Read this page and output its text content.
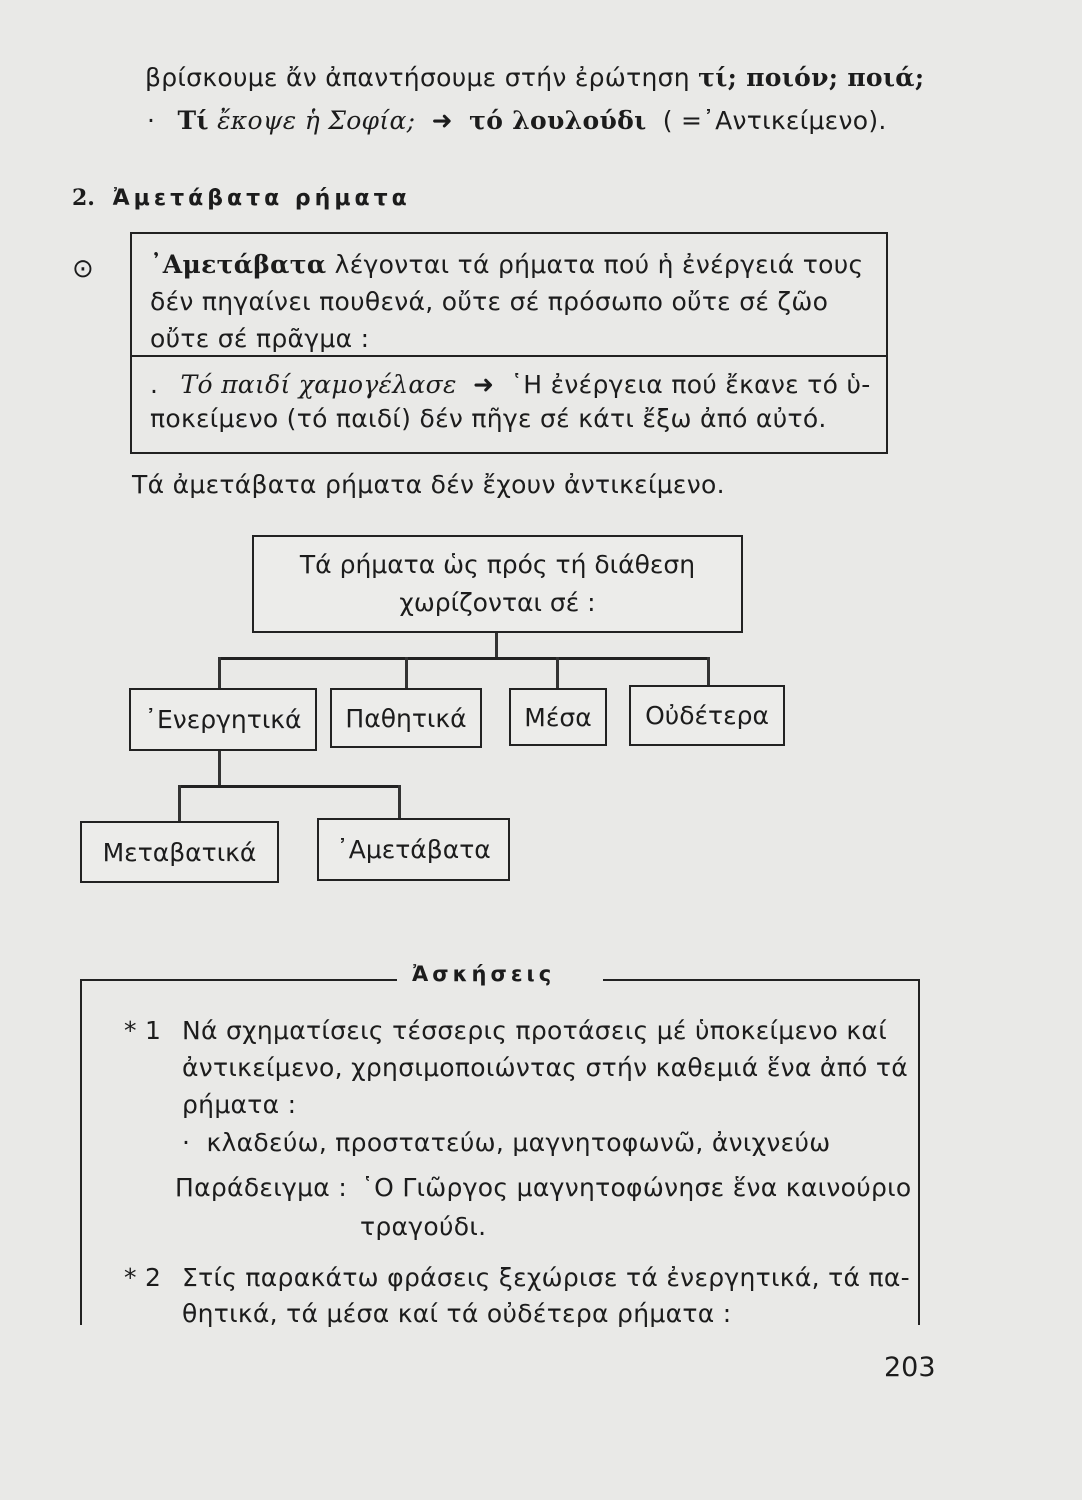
βρίσκουμε ἄν ἀπαντήσουμε στήν ἐρώτηση τί; ποιόν; ποιά;
· Τί ἔκοψε ἡ Σοφία; ➜ τό λουλούδι ( =᾿Αντικείμενο).
2. Ἀμετάβατα ρήματα
⊙ ᾿Αμετάβατα λέγονται τά ρήματα πού ἡ ἐνέργειά τους
δέν πηγαίνει πουθενά, οὔτε σέ πρόσωπο οὔτε σέ ζῶο
οὔτε σέ πρᾶγμα :
. Τό παιδί χαμογέλασε ➜ ῾Η ἐνέργεια πού ἔκανε τό ὑ-
ποκείμενο (τό παιδί) δέν πῆγε σέ κάτι ἔξω ἀπό αὐτό.
Τά ἀμετάβατα ρήματα δέν ἔχουν ἀντικείμενο.
Τά ρήματα ὡς πρός τή διάθεση
χωρίζονται σέ :
᾿Ενεργητικά	Παθητικά	Μέσα	Οὐδέτερα
Μεταβατικά	᾿Αμετάβατα
Ἀσκήσεις
* 1 Νά σχηματίσεις τέσσερις προτάσεις μέ ὑποκείμενο καί
ἀντικείμενο, χρησιμοποιώντας στήν καθεμιά ἕνα ἀπό τά
ρήματα :
· κλαδεύω, προστατεύω, μαγνητοφωνῶ, ἀνιχνεύω
Παράδειγμα : ῾Ο Γιῶργος μαγνητοφώνησε ἕνα καινούριο
τραγούδι.
* 2 Στίς παρακάτω φράσεις ξεχώρισε τά ἐνεργητικά, τά πα-
θητικά, τά μέσα καί τά οὐδέτερα ρήματα :
203
